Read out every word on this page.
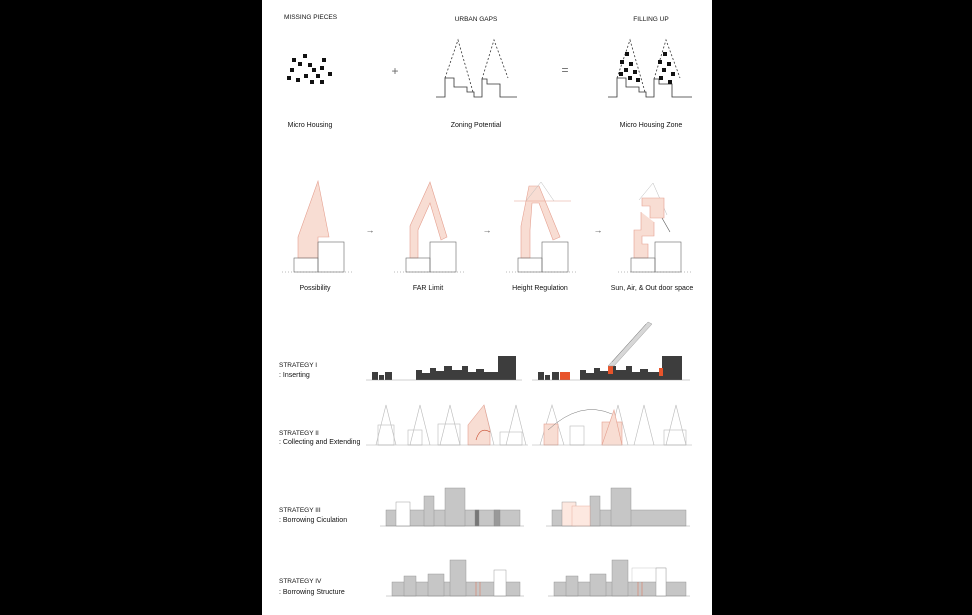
MISSING PIECES	URBAN GAPS	FILLING UP
+	=
Micro Housing	Zoning Potential	Micro Housing Zone
→	→	→
Possibility	FAR Limit	Height Regulation	Sun, Air, & Out door space
STRATEGY I
: Inserting
STRATEGY II
: Collecting and Extending
STRATEGY III
: Borrowing Ciculation
STRATEGY IV
: Borrowing Structure
